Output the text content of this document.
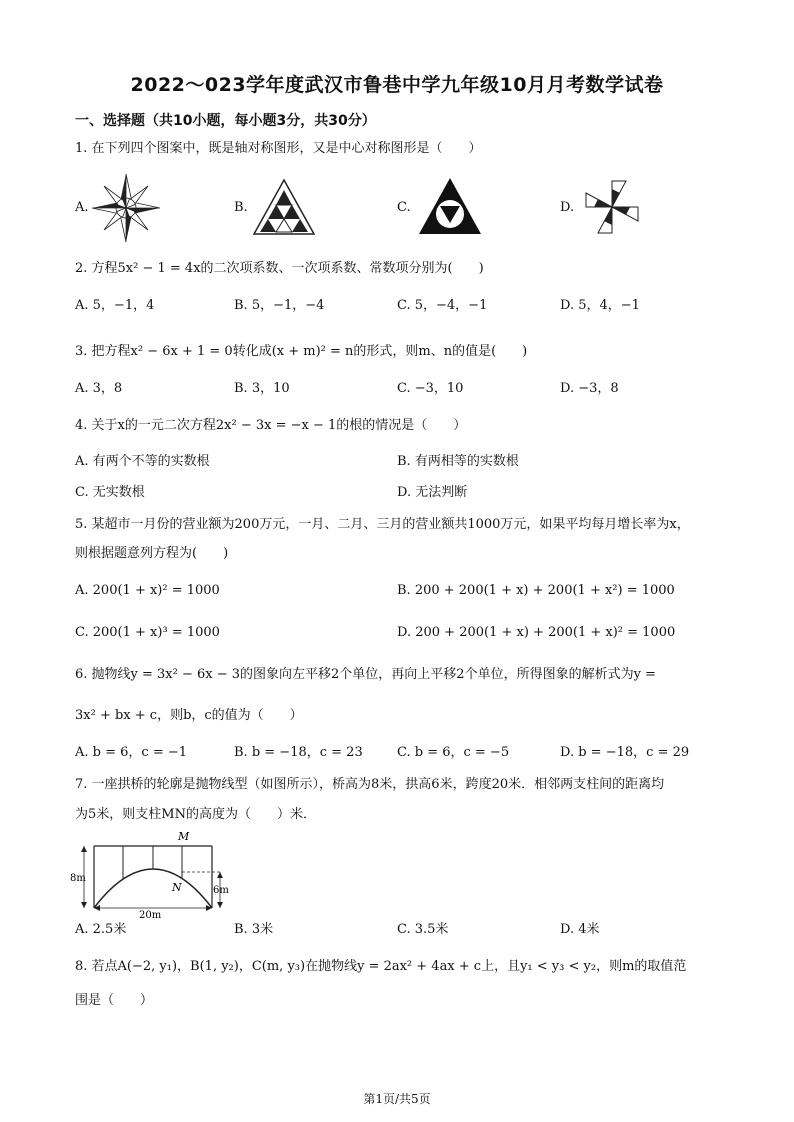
2022～023学年度武汉市鲁巷中学九年级10月月考数学试卷
一、选择题（共10小题，每小题3分，共30分）
1. 在下列四个图案中，既是轴对称图形，又是中心对称图形是（　　）
A.	B.	C.	D.
2. 方程5x² − 1 = 4x的二次项系数、一次项系数、常数项分别为(　　)
A. 5，−1，4	B. 5，−1，−4	C. 5，−4，−1	D. 5，4，−1
3. 把方程x² − 6x + 1 = 0转化成(x + m)² = n的形式，则m、n的值是(　　)
A. 3，8	B. 3，10	C. −3，10	D. −3，8
4. 关于x的一元二次方程2x² − 3x = −x − 1的根的情况是（　　）
A. 有两个不等的实数根	B. 有两相等的实数根
C. 无实数根	D. 无法判断
5. 某超市一月份的营业额为200万元，一月、二月、三月的营业额共1000万元，如果平均每月增长率为x，
则根据题意列方程为(　　)
A. 200(1 + x)² = 1000	B. 200 + 200(1 + x) + 200(1 + x²) = 1000
C. 200(1 + x)³ = 1000	D. 200 + 200(1 + x) + 200(1 + x)² = 1000
6. 抛物线y = 3x² − 6x − 3的图象向左平移2个单位，再向上平移2个单位，所得图象的解析式为y =
3x² + bx + c，则b，c的值为（　　）
A. b = 6，c = −1	B. b = −18，c = 23	C. b = 6，c = −5	D. b = −18，c = 29
7. 一座拱桥的轮廓是抛物线型（如图所示），桥高为8米，拱高6米，跨度20米．相邻两支柱间的距离均
为5米，则支柱MN的高度为（　　）米．
M
N
8m
6m
20m
A. 2.5米	B. 3米	C. 3.5米	D. 4米
8. 若点A(−2, y₁)，B(1, y₂)，C(m, y₃)在抛物线y = 2ax² + 4ax + c上，且y₁ < y₃ < y₂，则m的取值范
围是（　　）
第1页/共5页
